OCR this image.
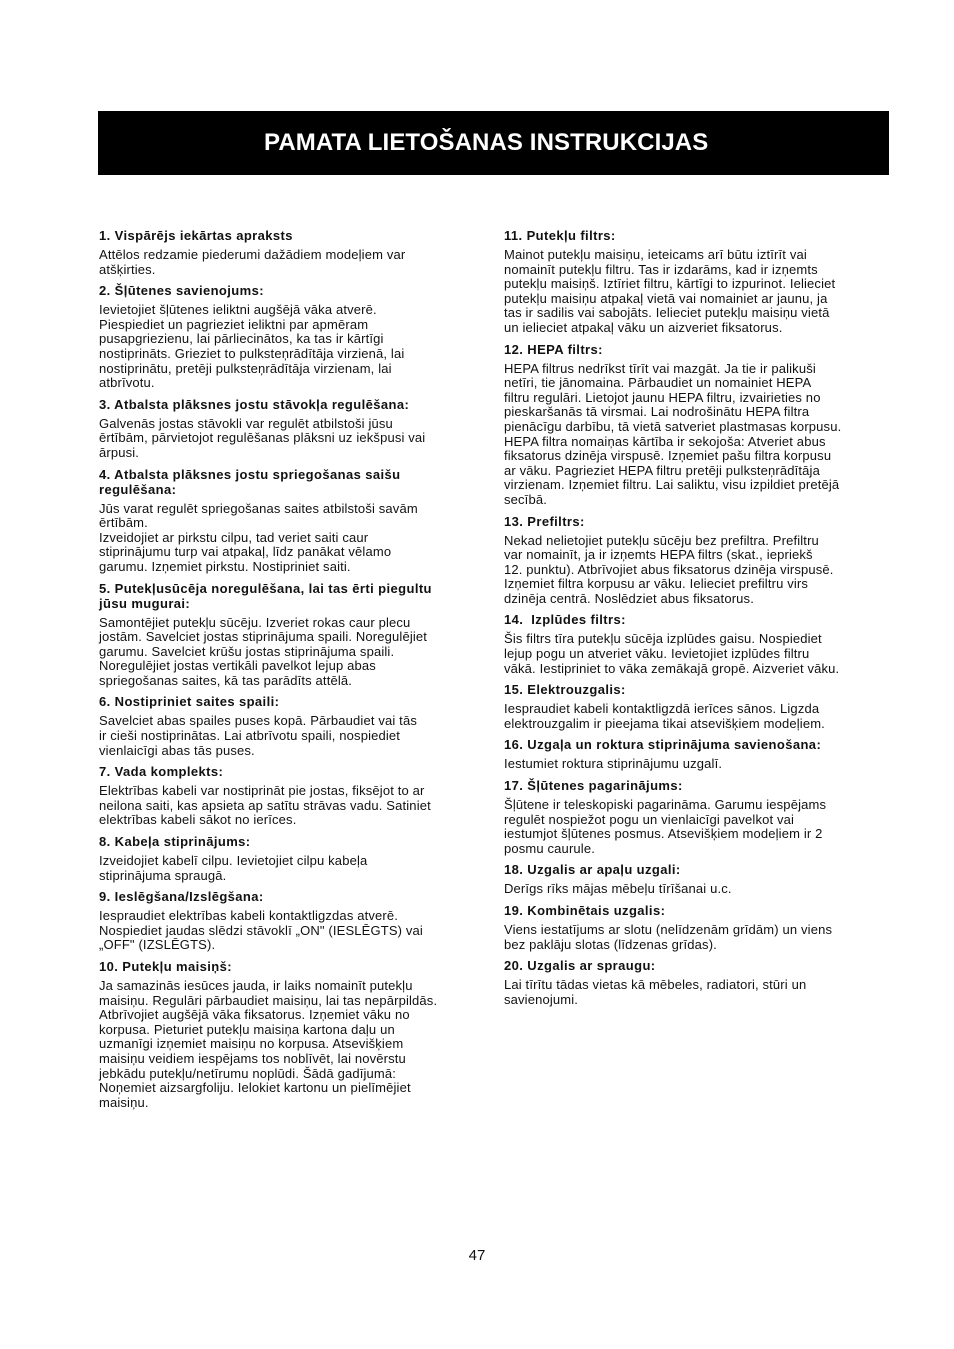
PAMATA LIETOŠANAS INSTRUKCIJAS
1. Vispārējs iekārtas apraksts
Attēlos redzamie piederumi dažādiem modeļiem var
atšķirties.
2. Šļūtenes savienojums:
Ievietojiet šļūtenes ieliktni augšējā vāka atverē.
Piespiediet un pagrieziet ieliktni par apmēram
pusapgriezienu, lai pārliecinātos, ka tas ir kārtīgi
nostiprināts. Grieziet to pulksteņrādītāja virzienā, lai
nostiprinātu, pretēji pulksteņrādītāja virzienam, lai
atbrīvotu.
3. Atbalsta plāksnes jostu stāvokļa regulēšana:
Galvenās jostas stāvokli var regulēt atbilstoši jūsu
ērtībām, pārvietojot regulēšanas plāksni uz iekšpusi vai
ārpusi.
4. Atbalsta plāksnes jostu spriegošanas saišu
regulēšana:
Jūs varat regulēt spriegošanas saites atbilstoši savām
ērtībām.
Izveidojiet ar pirkstu cilpu, tad veriet saiti caur
stiprinājumu turp vai atpakaļ, līdz panākat vēlamo
garumu. Izņemiet pirkstu. Nostipriniet saiti.
5. Putekļusūcēja noregulēšana, lai tas ērti piegultu
jūsu mugurai:
Samontējiet putekļu sūcēju. Izveriet rokas caur plecu
jostām. Savelciet jostas stiprinājuma spaili. Noregulējiet
garumu. Savelciet krūšu jostas stiprinājuma spaili.
Noregulējiet jostas vertikāli pavelkot lejup abas
spriegošanas saites, kā tas parādīts attēlā.
6. Nostipriniet saites spaili:
Savelciet abas spailes puses kopā. Pārbaudiet vai tās
ir cieši nostiprinātas. Lai atbrīvotu spaili, nospiediet
vienlaicīgi abas tās puses.
7. Vada komplekts:
Elektrības kabeli var nostiprināt pie jostas, fiksējot to ar
neilona saiti, kas apsieta ap satītu strāvas vadu. Satiniet
elektrības kabeli sākot no ierīces.
8. Kabeļa stiprinājums:
Izveidojiet kabelī cilpu. Ievietojiet cilpu kabeļa
stiprinājuma spraugā.
9. Ieslēgšana/Izslēgšana:
Iespraudiet elektrības kabeli kontaktligzdas atverē.
Nospiediet jaudas slēdzi stāvoklī „ON" (IESLĒGTS) vai
„OFF" (IZSLĒGTS).
10. Putekļu maisiņš:
Ja samazinās iesūces jauda, ir laiks nomainīt putekļu
maisiņu. Regulāri pārbaudiet maisiņu, lai tas nepārpildās.
Atbrīvojiet augšējā vāka fiksatorus. Izņemiet vāku no
korpusa. Pieturiet putekļu maisiņa kartona daļu un
uzmanīgi izņemiet maisiņu no korpusa. Atsevišķiem
maisiņu veidiem iespējams tos noblīvēt, lai novērstu
jebkādu putekļu/netīrumu noplūdi. Šādā gadījumā:
Noņemiet aizsargfoliju. Ielokiet kartonu un pielīmējiet
maisiņu.
11. Putekļu filtrs:
Mainot putekļu maisiņu, ieteicams arī būtu iztīrīt vai
nomainīt putekļu filtru. Tas ir izdarāms, kad ir izņemts
putekļu maisiņš. Iztīriet filtru, kārtīgi to izpurinot. Ielieciet
putekļu maisiņu atpakaļ vietā vai nomainiet ar jaunu, ja
tas ir sadilis vai sabojāts. Ielieciet putekļu maisiņu vietā
un ielieciet atpakaļ vāku un aizveriet fiksatorus.
12. HEPA filtrs:
HEPA filtrus nedrīkst tīrīt vai mazgāt. Ja tie ir palikuši
netīri, tie jānomaina. Pārbaudiet un nomainiet HEPA
filtru regulāri. Lietojot jaunu HEPA filtru, izvairieties no
pieskaršanās tā virsmai. Lai nodrošinātu HEPA filtra
pienācīgu darbību, tā vietā satveriet plastmasas korpusu.
HEPA filtra nomaiņas kārtība ir sekojoša: Atveriet abus
fiksatorus dzinēja virspusē. Izņemiet pašu filtra korpusu
ar vāku. Pagrieziet HEPA filtru pretēji pulksteņrādītāja
virzienam. Izņemiet filtru. Lai saliktu, visu izpildiet pretējā
secībā.
13. Prefiltrs:
Nekad nelietojiet putekļu sūcēju bez prefiltra. Prefiltru
var nomainīt, ja ir izņemts HEPA filtrs (skat., iepriekš
12. punktu). Atbrīvojiet abus fiksatorus dzinēja virspusē.
Izņemiet filtra korpusu ar vāku. Ielieciet prefiltru virs
dzinēja centrā. Noslēdziet abus fiksatorus.
14.  Izplūdes filtrs:
Šis filtrs tīra putekļu sūcēja izplūdes gaisu. Nospiediet
lejup pogu un atveriet vāku. Ievietojiet izplūdes filtru
vākā. Iestipriniet to vāka zemākajā gropē. Aizveriet vāku.
15. Elektrouzgalis:
Iespraudiet kabeli kontaktligzdā ierīces sānos. Ligzda
elektrouzgalim ir pieejama tikai atsevišķiem modeļiem.
16. Uzgaļa un roktura stiprinājuma savienošana:
Iestumiet roktura stiprinājumu uzgalī.
17. Šļūtenes pagarinājums:
Šļūtene ir teleskopiski pagarināma. Garumu iespējams
regulēt nospiežot pogu un vienlaicīgi pavelkot vai
iestumjot šļūtenes posmus. Atsevišķiem modeļiem ir 2
posmu caurule.
18. Uzgalis ar apaļu uzgali:
Derīgs rīks mājas mēbeļu tīrīšanai u.c.
19. Kombinētais uzgalis:
Viens iestatījums ar slotu (nelīdzenām grīdām) un viens
bez paklāju slotas (līdzenas grīdas).
20. Uzgalis ar spraugu:
Lai tīrītu tādas vietas kā mēbeles, radiatori, stūri un
savienojumi.
47
